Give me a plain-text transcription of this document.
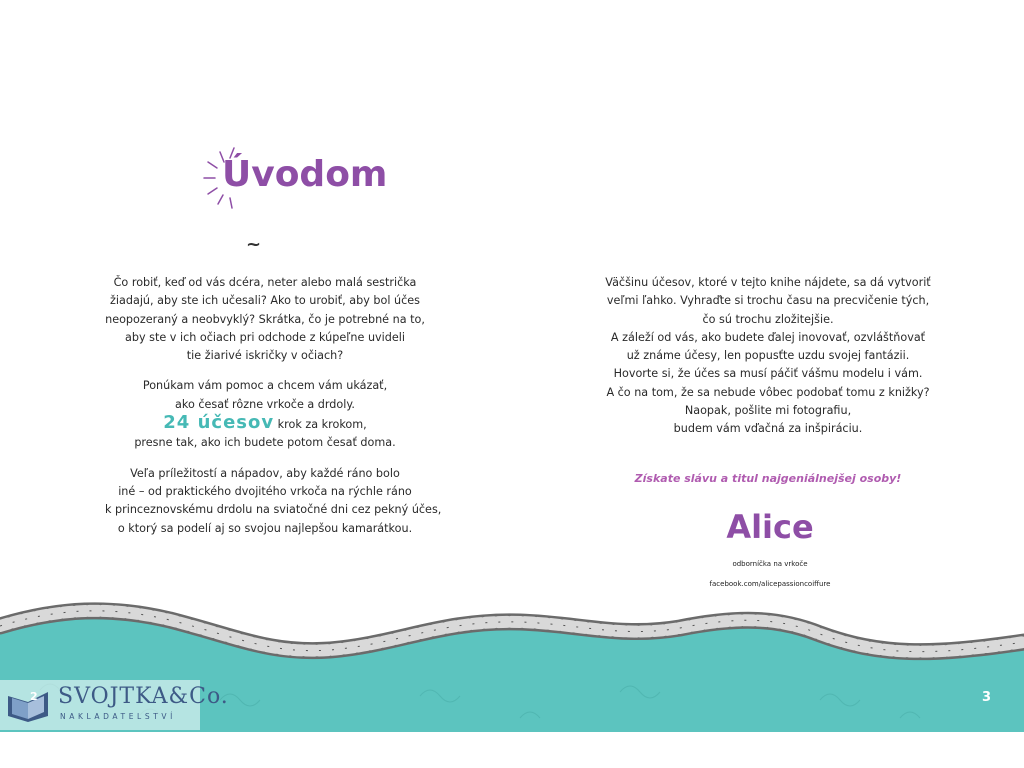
Úvodom
~

Čo robiť, keď od vás dcéra, neter alebo malá sestrička
žiadajú, aby ste ich učesali? Ako to urobiť, aby bol účes
neopozeraný a neobvyklý? Skrátka, čo je potrebné na to,
aby ste v ich očiach pri odchode z kúpeľne uvideli
tie žiarivé iskričky v očiach?

Ponúkam vám pomoc a chcem vám ukázať,
ako česať rôzne vrkoče a drdoly.
24 účesov krok za krokom,
presne tak, ako ich budete potom česať doma.

Veľa príležitostí a nápadov, aby každé ráno bolo
iné – od praktického dvojitého vrkoča na rýchle ráno
k princeznovskému drdolu na sviatočné dni cez pekný účes,
o ktorý sa podelí aj so svojou najlepšou kamarátkou.

Väčšinu účesov, ktoré v tejto knihe nájdete, sa dá vytvoriť
veľmi ľahko. Vyhraďte si trochu času na precvičenie tých,
čo sú trochu zložitejšie.
A záleží od vás, ako budete ďalej inovovať, ozvláštňovať
už známe účesy, len popusťte uzdu svojej fantázii.
Hovorte si, že účes sa musí páčiť vášmu modelu i vám.
A čo na tom, že sa nebude vôbec podobať tomu z knižky?
Naopak, pošlite mi fotografiu,
budem vám vďačná za inšpiráciu.

Získate slávu a titul najgeniálnejšej osoby!
Alice
odborníčka na vrkoče
facebook.com/alicepassioncoiffure
SVOJTKA&Co.
NAKLADATELSTVÍ
2	3
